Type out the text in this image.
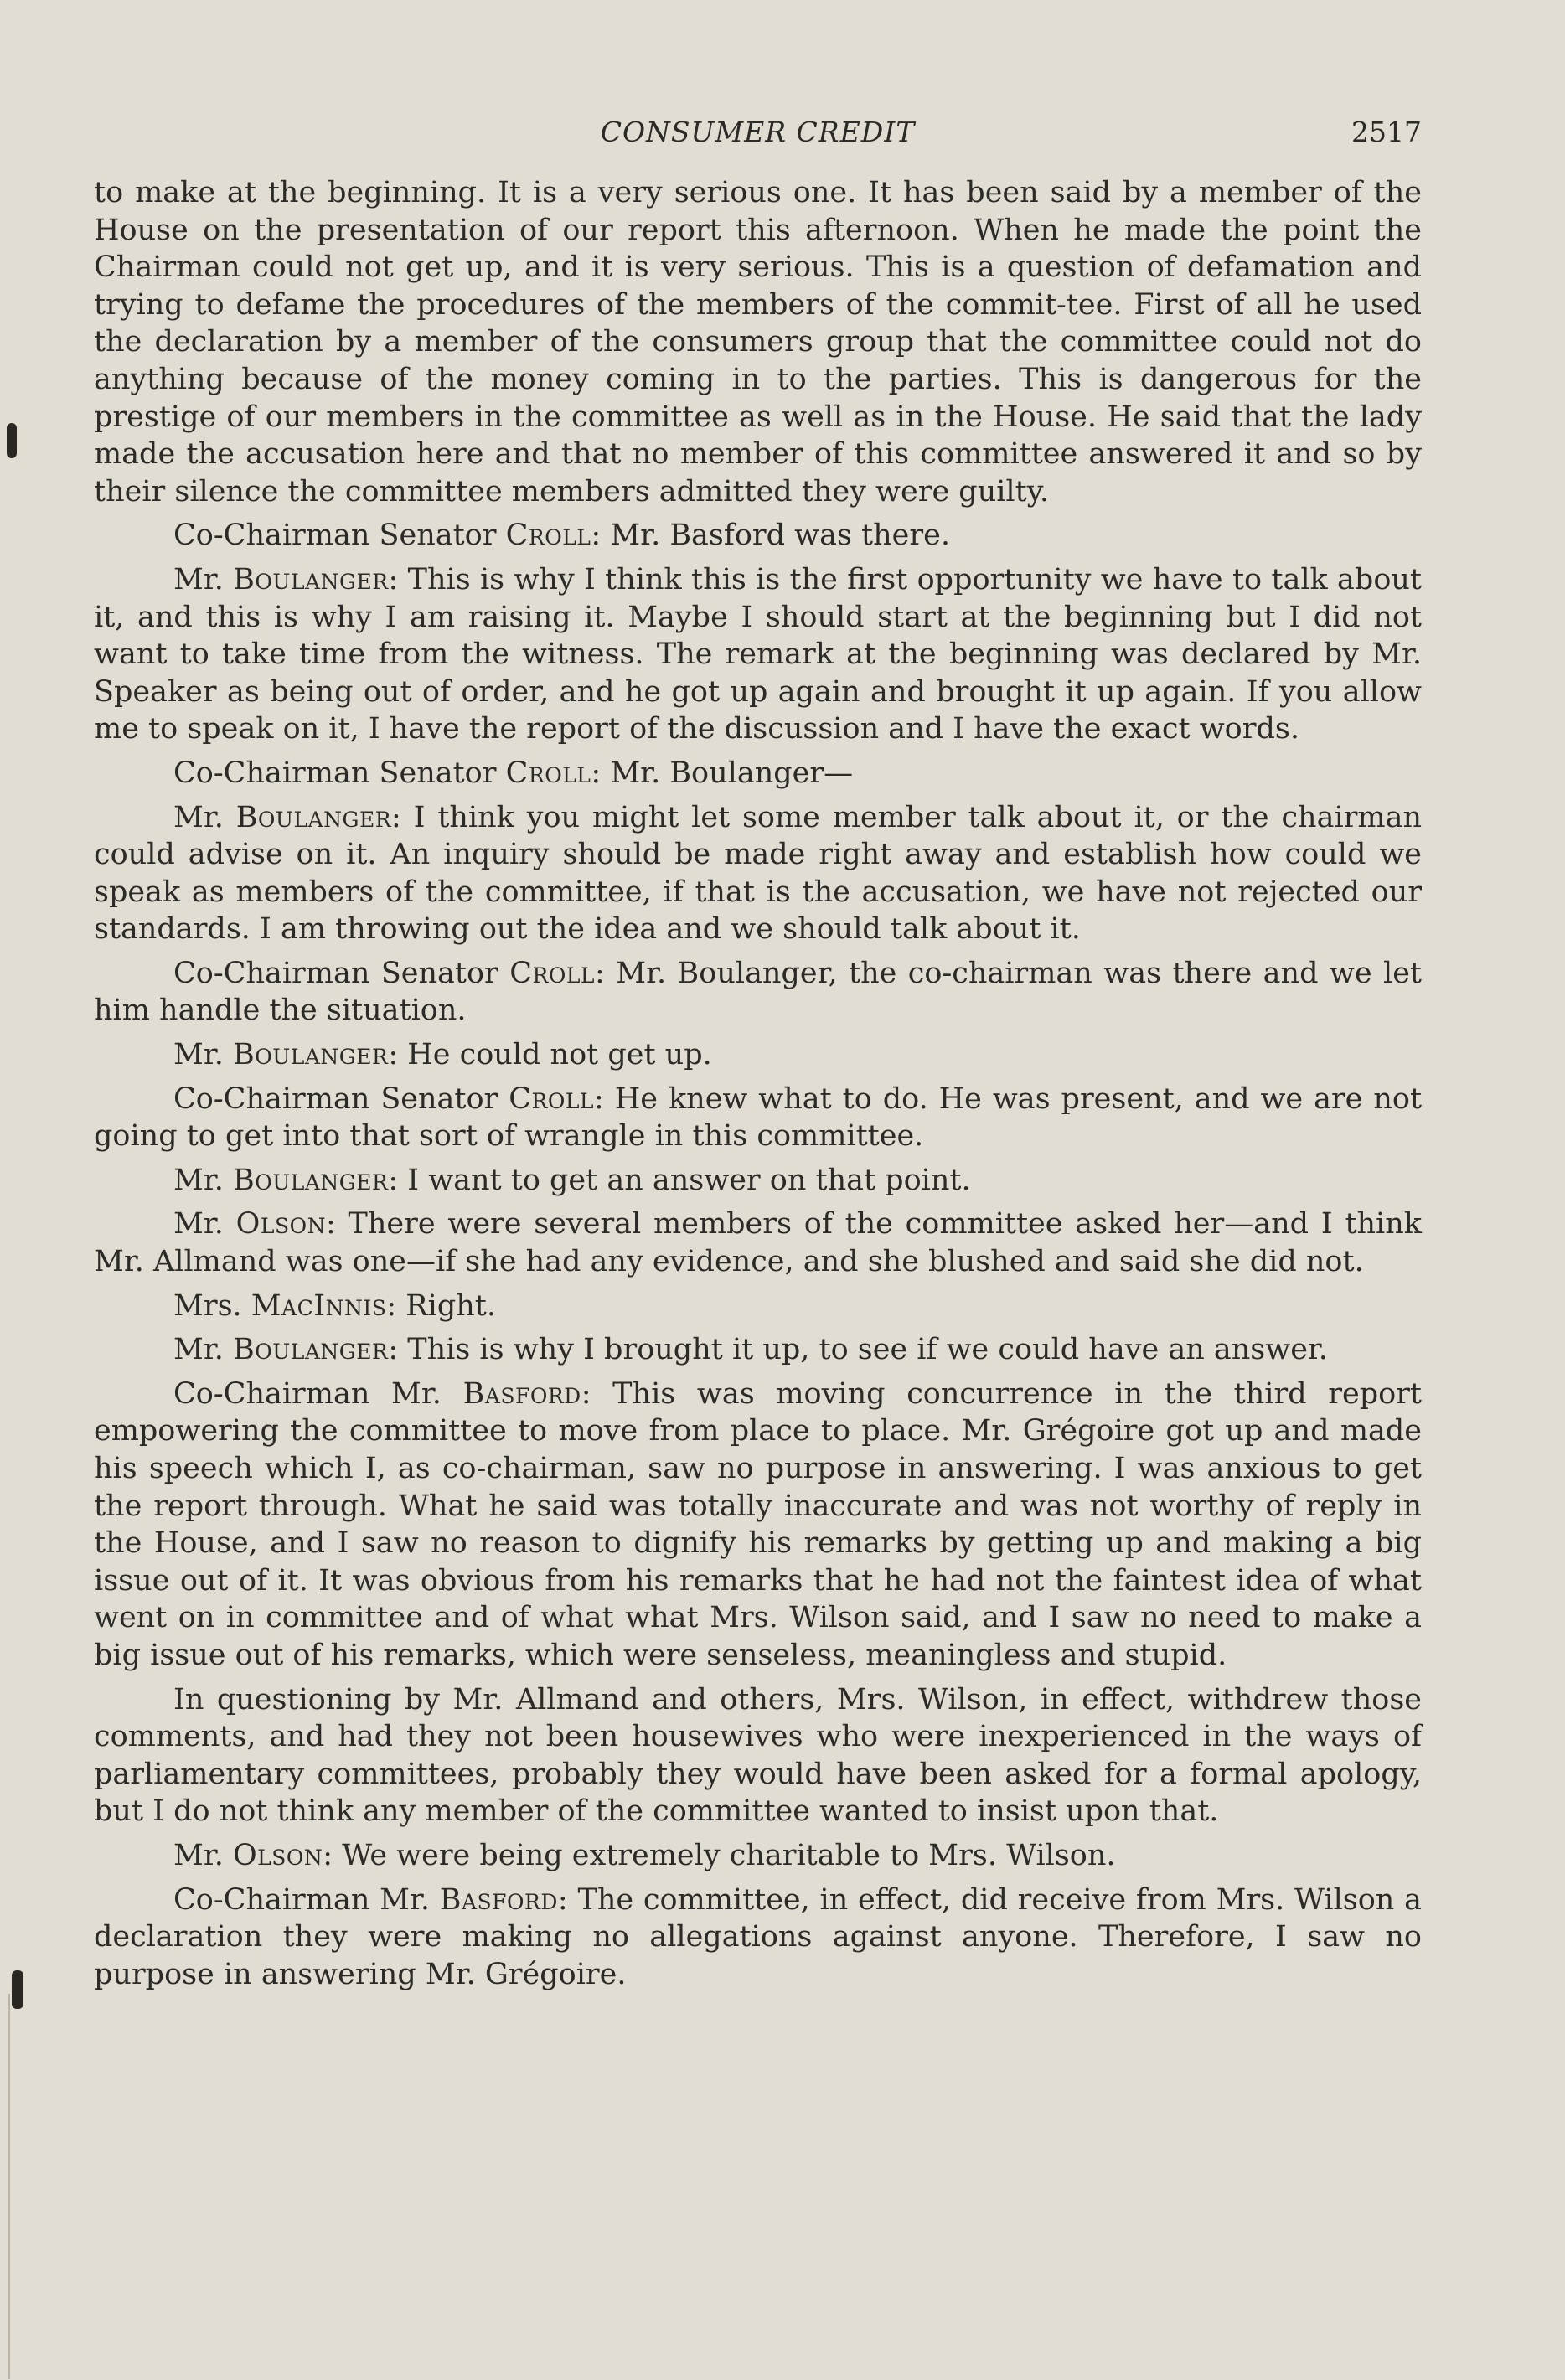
CONSUMER CREDIT	2517

to make at the beginning. It is a very serious one. It has been said by a member of the House on the presentation of our report this afternoon. When he made the point the Chairman could not get up, and it is very serious. This is a question of defamation and trying to defame the procedures of the members of the commit-tee. First of all he used the declaration by a member of the consumers group that the committee could not do anything because of the money coming in to the parties. This is dangerous for the prestige of our members in the committee as well as in the House. He said that the lady made the accusation here and that no member of this committee answered it and so by their silence the committee members admitted they were guilty.

Co-Chairman Senator Croll: Mr. Basford was there.

Mr. Boulanger: This is why I think this is the first opportunity we have to talk about it, and this is why I am raising it. Maybe I should start at the beginning but I did not want to take time from the witness. The remark at the beginning was declared by Mr. Speaker as being out of order, and he got up again and brought it up again. If you allow me to speak on it, I have the report of the discussion and I have the exact words.

Co-Chairman Senator Croll: Mr. Boulanger—

Mr. Boulanger: I think you might let some member talk about it, or the chairman could advise on it. An inquiry should be made right away and establish how could we speak as members of the committee, if that is the accusation, we have not rejected our standards. I am throwing out the idea and we should talk about it.

Co-Chairman Senator Croll: Mr. Boulanger, the co-chairman was there and we let him handle the situation.

Mr. Boulanger: He could not get up.

Co-Chairman Senator Croll: He knew what to do. He was present, and we are not going to get into that sort of wrangle in this committee.

Mr. Boulanger: I want to get an answer on that point.

Mr. Olson: There were several members of the committee asked her—and I think Mr. Allmand was one—if she had any evidence, and she blushed and said she did not.

Mrs. MacInnis: Right.

Mr. Boulanger: This is why I brought it up, to see if we could have an answer.

Co-Chairman Mr. Basford: This was moving concurrence in the third report empowering the committee to move from place to place. Mr. Grégoire got up and made his speech which I, as co-chairman, saw no purpose in answering. I was anxious to get the report through. What he said was totally inaccurate and was not worthy of reply in the House, and I saw no reason to dignify his remarks by getting up and making a big issue out of it. It was obvious from his remarks that he had not the faintest idea of what went on in committee and of what what Mrs. Wilson said, and I saw no need to make a big issue out of his remarks, which were senseless, meaningless and stupid.

In questioning by Mr. Allmand and others, Mrs. Wilson, in effect, withdrew those comments, and had they not been housewives who were inexperienced in the ways of parliamentary committees, probably they would have been asked for a formal apology, but I do not think any member of the committee wanted to insist upon that.

Mr. Olson: We were being extremely charitable to Mrs. Wilson.

Co-Chairman Mr. Basford: The committee, in effect, did receive from Mrs. Wilson a declaration they were making no allegations against anyone. Therefore, I saw no purpose in answering Mr. Grégoire.
